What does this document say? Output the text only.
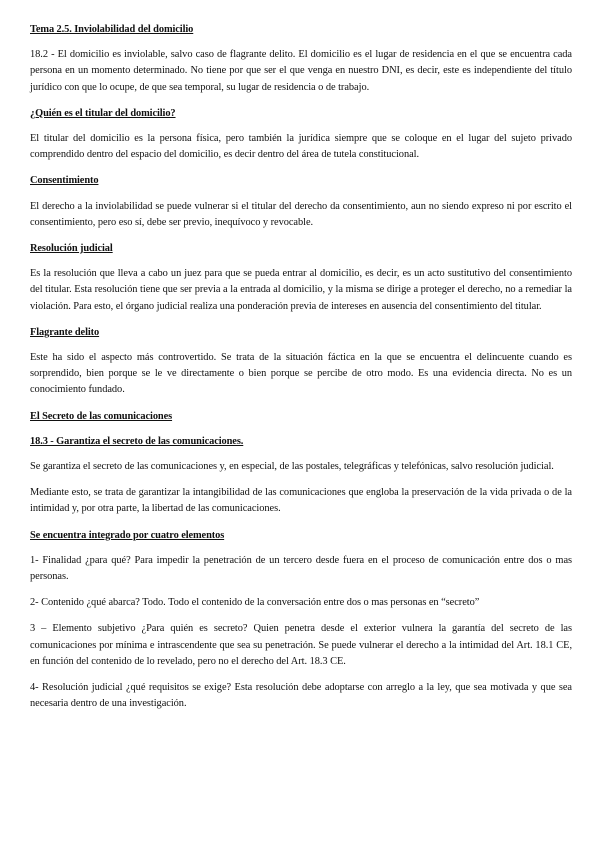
Tema 2.5. Inviolabilidad del domicilio

18.2 - El domicilio es inviolable, salvo caso de flagrante delito. El domicilio es el lugar de residencia en el que se encuentra cada persona en un momento determinado. No tiene por que ser el que venga en nuestro DNI, es decir, este es independiente del título jurídico con que lo ocupe, de que sea temporal, su lugar de residencia o de trabajo.

¿Quién es el titular del domicilio?

El titular del domicilio es la persona física, pero también la jurídica siempre que se coloque en el lugar del sujeto privado comprendido dentro del espacio del domicilio, es decir dentro del área de tutela constitucional.

Consentimiento

El derecho a la inviolabilidad se puede vulnerar si el titular del derecho da consentimiento, aun no siendo expreso ni por escrito el consentimiento, pero eso sí, debe ser previo, inequívoco y revocable.

Resolución judicial

Es la resolución que lleva a cabo un juez para que se pueda entrar al domicilio, es decir, es un acto sustitutivo del consentimiento del titular. Esta resolución tiene que ser previa a la entrada al domicilio, y la misma se dirige a proteger el derecho, no a remediar la violación. Para esto, el órgano judicial realiza una ponderación previa de intereses en ausencia del consentimiento del titular.

Flagrante delito

Este ha sido el aspecto más controvertido. Se trata de la situación fáctica en la que se encuentra el delincuente cuando es sorprendido, bien porque se le ve directamente o bien porque se percibe de otro modo. Es una evidencia directa. No es un conocimiento fundado.

El Secreto de las comunicaciones
18.3 - Garantiza el secreto de las comunicaciones.

Se garantiza el secreto de las comunicaciones y, en especial, de las postales, telegráficas y telefónicas, salvo resolución judicial.

Mediante esto, se trata de garantizar la intangibilidad de las comunicaciones que engloba la preservación de la vida privada o de la intimidad y, por otra parte, la libertad de las comunicaciones.

Se encuentra integrado por cuatro elementos

1- Finalidad ¿para qué? Para impedir la penetración de un tercero desde fuera en el proceso de comunicación entre dos o mas personas.

2- Contenido ¿qué abarca? Todo. Todo el contenido de la conversación entre dos o mas personas en “secreto”

3 – Elemento subjetivo ¿Para quién es secreto? Quien penetra desde el exterior vulnera la garantía del secreto de las comunicaciones por mínima e intrascendente que sea su penetración. Se puede vulnerar el derecho a la intimidad del Art. 18.1 CE, en función del contenido de lo revelado, pero no el derecho del Art. 18.3 CE.

4- Resolución judicial ¿qué requisitos se exige? Esta resolución debe adoptarse con arreglo a la ley, que sea motivada y que sea necesaria dentro de una investigación.
